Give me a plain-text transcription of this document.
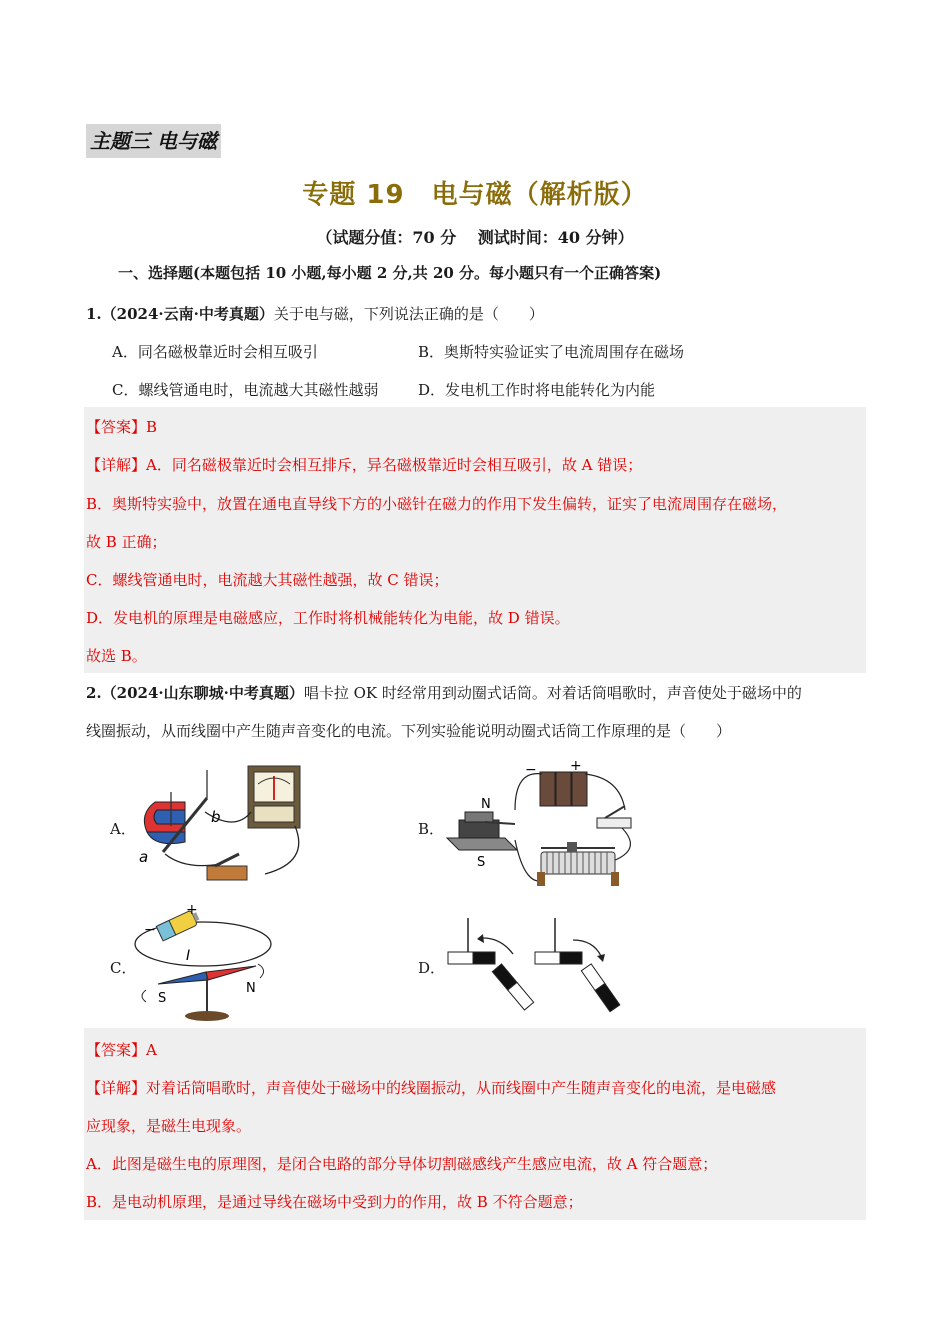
主题三 电与磁
专题 19　电与磁（解析版）
（试题分值：70 分　 测试时间：40 分钟）
一、选择题(本题包括 10 小题,每小题 2 分,共 20 分。每小题只有一个正确答案)
1.（2024·云南·中考真题）关于电与磁，下列说法正确的是（　　）
A．同名磁极靠近时会相互吸引	B．奥斯特实验证实了电流周围存在磁场
C．螺线管通电时，电流越大其磁性越弱	D．发电机工作时将电能转化为内能
【答案】B
【详解】A．同名磁极靠近时会相互排斥，异名磁极靠近时会相互吸引，故 A 错误；
B．奥斯特实验中，放置在通电直导线下方的小磁针在磁力的作用下发生偏转，证实了电流周围存在磁场，
故 B 正确；
C．螺线管通电时，电流越大其磁性越强，故 C 错误；
D．发电机的原理是电磁感应，工作时将机械能转化为电能，故 D 错误。
故选 B。
2.（2024·山东聊城·中考真题）唱卡拉 OK 时经常用到动圈式话筒。对着话筒唱歌时，声音使处于磁场中的
线圈振动，从而线圈中产生随声音变化的电流。下列实验能说明动圈式话筒工作原理的是（　　）
A．	B．
C．	D．
b
a
− +
N
S
+
−
I
S
N
【答案】A
【详解】对着话筒唱歌时，声音使处于磁场中的线圈振动，从而线圈中产生随声音变化的电流，是电磁感
应现象，是磁生电现象。
A．此图是磁生电的原理图，是闭合电路的部分导体切割磁感线产生感应电流，故 A 符合题意；
B．是电动机原理，是通过导线在磁场中受到力的作用，故 B 不符合题意；
